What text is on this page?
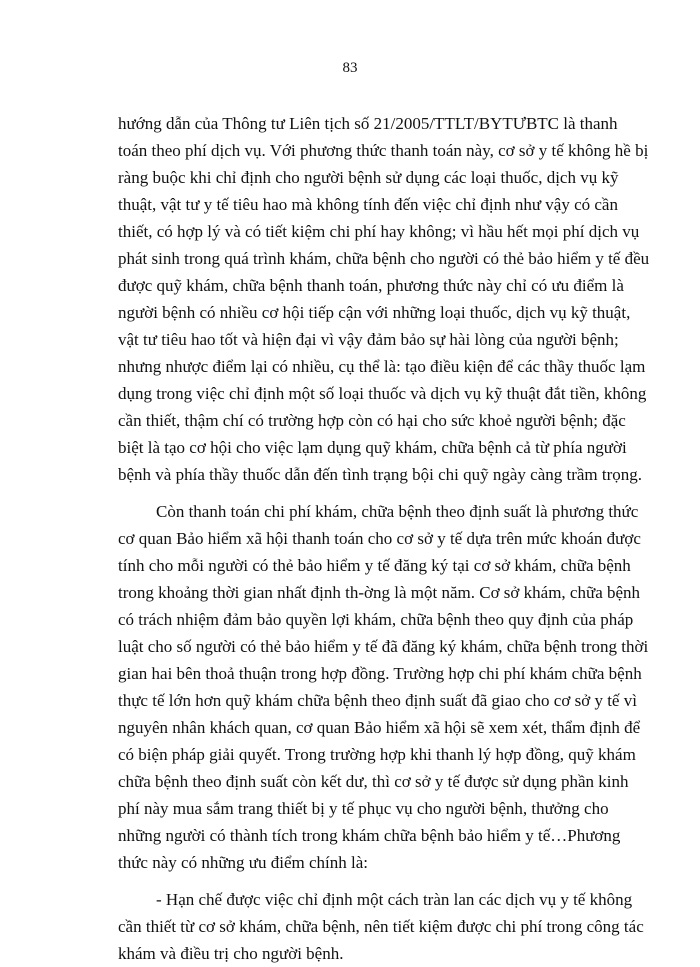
83
hướng dẫn của Thông tư Liên tịch số 21/2005/TTLT/BYTƯBTC là thanh
toán theo phí dịch vụ. Với phương thức thanh toán này, cơ sở y tế không hề bị
ràng buộc khi chỉ định cho người bệnh sử dụng các loại thuốc, dịch vụ kỹ
thuật, vật tư y tế tiêu hao mà không tính đến việc chỉ định như vậy có cần
thiết, có hợp lý và có tiết kiệm chi phí hay không; vì hầu hết mọi phí dịch vụ
phát sinh trong quá trình khám, chữa bệnh cho người có thẻ bảo hiểm y tế đều
được quỹ khám, chữa bệnh thanh toán, phương thức này chỉ có ưu điểm là
người bệnh có nhiều cơ hội tiếp cận với những loại thuốc, dịch vụ kỹ thuật,
vật tư tiêu hao tốt và hiện đại vì vậy đảm bảo sự hài lòng của người bệnh;
nhưng nhược điểm lại có nhiều, cụ thể là: tạo điều kiện để các thầy thuốc lạm
dụng trong việc chỉ định một số loại thuốc và dịch vụ kỹ thuật đắt tiền, không
cần thiết, thậm chí có trường hợp còn có hại cho sức khoẻ người bệnh; đặc
biệt là tạo cơ hội cho việc lạm dụng quỹ khám, chữa bệnh cả từ phía người
bệnh và phía thầy thuốc dẫn đến tình trạng bội chi quỹ ngày càng trầm trọng.
Còn thanh toán chi phí khám, chữa bệnh theo định suất là phương thức
cơ quan Bảo hiểm xã hội thanh toán cho cơ sở y tế dựa trên mức khoán được
tính cho mỗi người có thẻ bảo hiểm y tế đăng ký tại cơ sở khám, chữa bệnh
trong khoảng thời gian nhất định th-ờng là một năm. Cơ sở khám, chữa bệnh
có trách nhiệm đảm bảo quyền lợi khám, chữa bệnh theo quy định của pháp
luật cho số người có thẻ bảo hiểm y tế đã đăng ký khám, chữa bệnh trong thời
gian hai bên thoả thuận trong hợp đồng. Trường hợp chi phí khám chữa bệnh
thực tế lớn hơn quỹ khám chữa bệnh theo định suất đã giao cho cơ sở y tế vì
nguyên nhân khách quan, cơ quan Bảo hiểm xã hội sẽ xem xét, thẩm định để
có biện pháp giải quyết. Trong trường hợp khi thanh lý hợp đồng, quỹ khám
chữa bệnh theo định suất còn kết dư, thì cơ sở y tế được sử dụng phần kinh
phí này mua sắm trang thiết bị y tế phục vụ cho người bệnh, thưởng cho
những người có thành tích trong khám chữa bệnh bảo hiểm y tế…Phương
thức này có những ưu điểm chính là:
- Hạn chế được việc chỉ định một cách tràn lan các dịch vụ y tế không
cần thiết từ cơ sở khám, chữa bệnh, nên tiết kiệm được chi phí trong công tác
khám và điều trị cho người bệnh.
